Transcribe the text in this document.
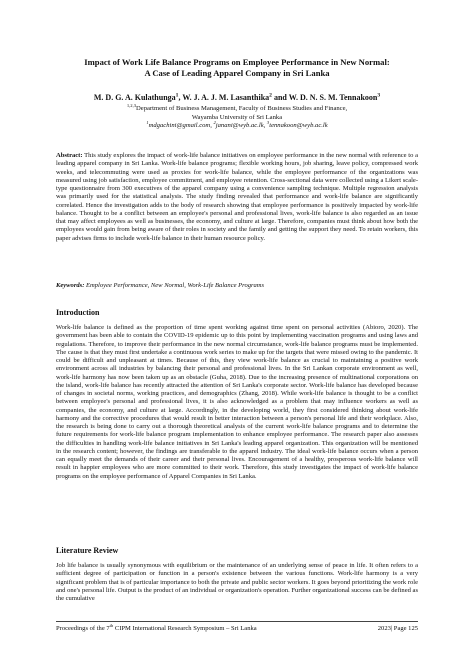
Impact of Work Life Balance Programs on Employee Performance in New Normal:
A Case of Leading Apparel Company in Sri Lanka
M. D. G. A. Kulathunga$^1$, W. J. A. J. M. Lasanthika$^2$ and W. D. N. S. M. Tennakoon$^3$
$^{1,2,3}$Department of Business Management, Faculty of Business Studies and Finance,
Wayamba University of Sri Lanka
$^1$mdgachini@gmail.com, $^2$janani@wyb.ac.lk, $^3$tennakoon@wyb.ac.lk
Abstract: This study explores the impact of work-life balance initiatives on employee performance in the new normal with reference to a leading apparel company in Sri Lanka. Work-life balance programs; flexible working hours, job sharing, leave policy, compressed work weeks, and telecommuting were used as proxies for work-life balance, while the employee performance of the organizations was measured using job satisfaction, employee commitment, and employee retention. Cross-sectional data were collected using a Likert scale-type questionnaire from 300 executives of the apparel company using a convenience sampling technique. Multiple regression analysis was primarily used for the statistical analysis. The study finding revealed that performance and work-life balance are significantly correlated. Hence the investigation adds to the body of research showing that employee performance is positively impacted by work-life balance. Thought to be a conflict between an employee's personal and professional lives, work-life balance is also regarded as an issue that may affect employees as well as businesses, the economy, and culture at large. Therefore, companies must think about how both the employees would gain from being aware of their roles in society and the family and getting the support they need. To retain workers, this paper advises firms to include work-life balance in their human resource policy.
Keywords: Employee Performance, New Normal, Work-Life Balance Programs
Introduction
Work-life balance is defined as the proportion of time spent working against time spent on personal activities (Abioro, 2020). The government has been able to contain the COVID-19 epidemic up to this point by implementing vaccination programs and using laws and regulations. Therefore, to improve their performance in the new normal circumstance, work-life balance programs must be implemented. The cause is that they must first undertake a continuous work series to make up for the targets that were missed owing to the pandemic. It could be difficult and unpleasant at times. Because of this, they view work-life balance as crucial to maintaining a positive work environment across all industries by balancing their personal and professional lives. In the Sri Lankan corporate environment as well, work-life harmony has now been taken up as an obstacle (Guha, 2018). Due to the increasing presence of multinational corporations on the island, work-life balance has recently attracted the attention of Sri Lanka's corporate sector. Work-life balance has developed because of changes in societal norms, working practices, and demographics (Zhang, 2018). While work-life balance is thought to be a conflict between employee's personal and professional lives, it is also acknowledged as a problem that may influence workers as well as companies, the economy, and culture at large. Accordingly, in the developing world, they first considered thinking about work-life harmony and the corrective procedures that would result in better interaction between a person's personal life and their workplace. Also, the research is being done to carry out a thorough theoretical analysis of the current work-life balance programs and to determine the future requirements for work-life balance program implementation to enhance employee performance. The research paper also assesses the difficulties in handling work-life balance initiatives in Sri Lanka's leading apparel organization. This organization will be mentioned in the research content; however, the findings are transferable to the apparel industry. The ideal work-life balance occurs when a person can equally meet the demands of their career and their personal lives. Encouragement of a healthy, prosperous work-life balance will result in happier employees who are more committed to their work. Therefore, this study investigates the impact of work-life balance programs on the employee performance of Apparel Companies in Sri Lanka.
Literature Review
Job life balance is usually synonymous with equilibrium or the maintenance of an underlying sense of peace in life. It often refers to a sufficient degree of participation or function in a person's existence between the various functions. Work-life harmony is a very significant problem that is of particular importance to both the private and public sector workers. It goes beyond prioritizing the work role and one's personal life. Output is the product of an individual or organization's operation. Further organizational success can be defined as the cumulative
Proceedings of the 7th CIPM International Research Symposium – Sri Lanka	2023| Page 125
